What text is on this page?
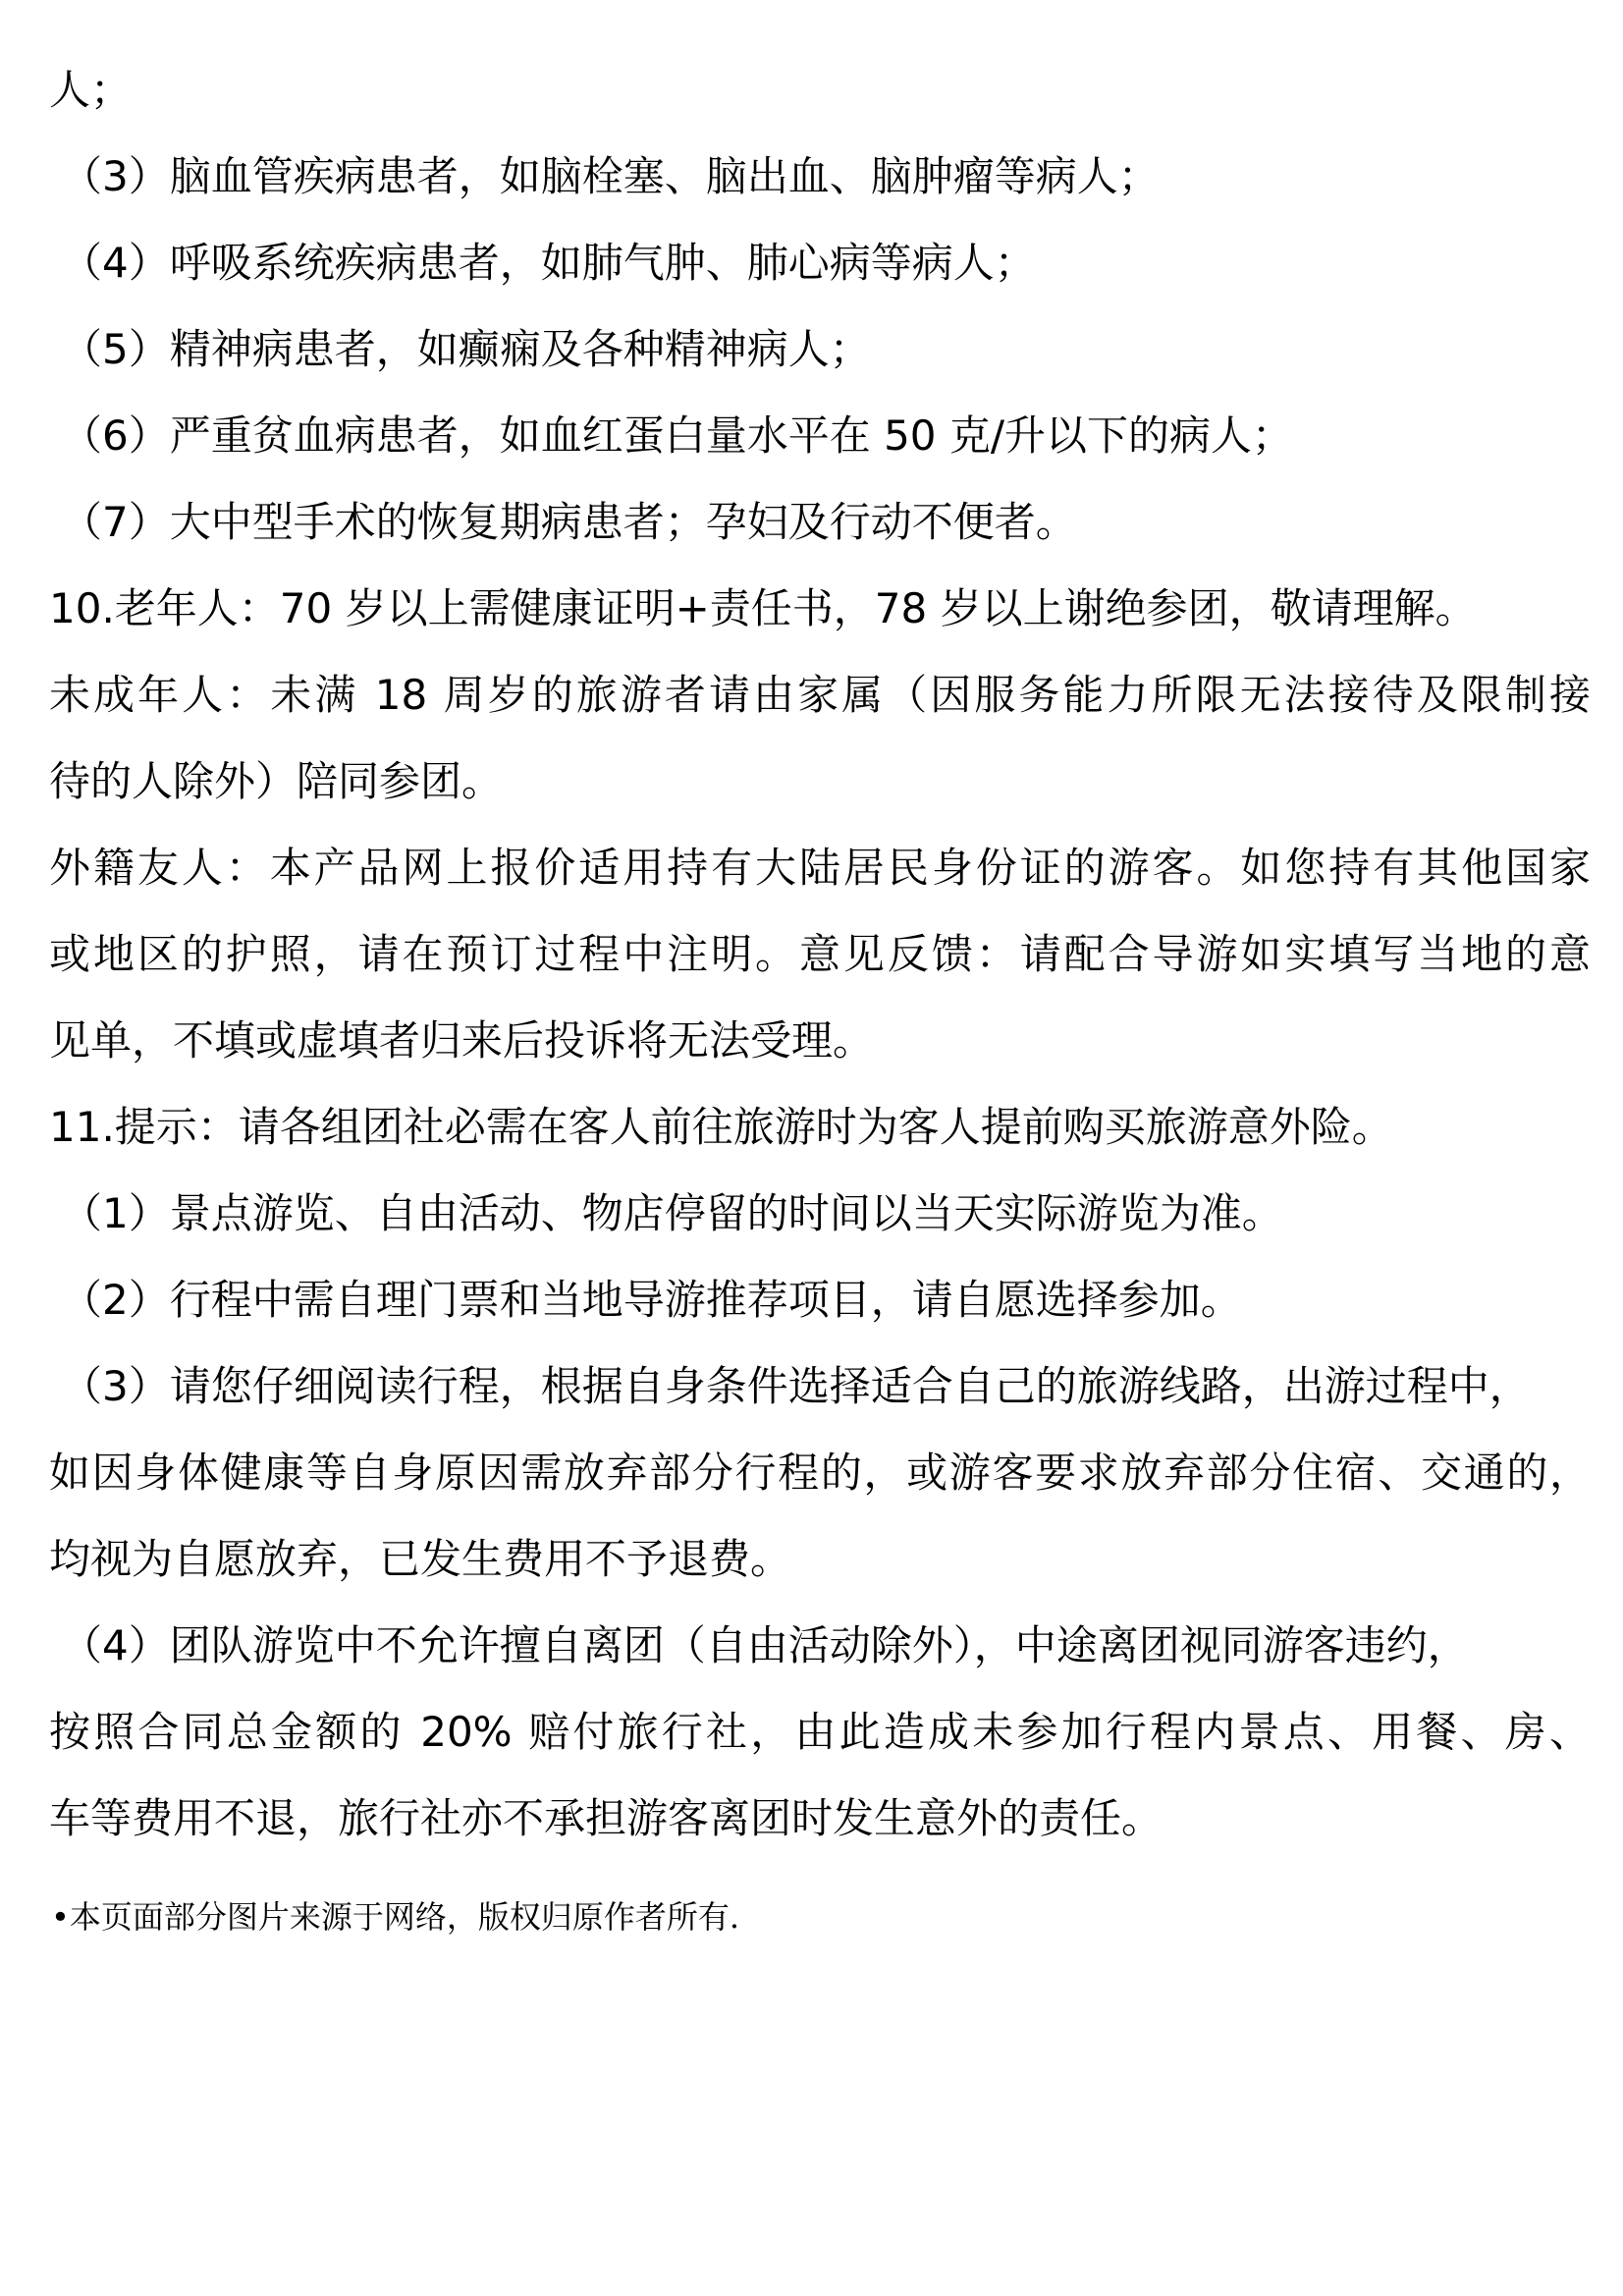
人；
（3）脑血管疾病患者，如脑栓塞、脑出血、脑肿瘤等病人；
（4）呼吸系统疾病患者，如肺气肿、肺心病等病人；
（5）精神病患者，如癫痫及各种精神病人；
（6）严重贫血病患者，如血红蛋白量水平在 50 克/升以下的病人；
（7）大中型手术的恢复期病患者；孕妇及行动不便者。
10.老年人：70 岁以上需健康证明+责任书，78 岁以上谢绝参团，敬请理解。
未成年人：未满 18 周岁的旅游者请由家属（因服务能力所限无法接待及限制接
待的人除外）陪同参团。
外籍友人：本产品网上报价适用持有大陆居民身份证的游客。如您持有其他国家
或地区的护照，请在预订过程中注明。意见反馈：请配合导游如实填写当地的意
见单，不填或虚填者归来后投诉将无法受理。
11.提示：请各组团社必需在客人前往旅游时为客人提前购买旅游意外险。
（1）景点游览、自由活动、物店停留的时间以当天实际游览为准。
（2）行程中需自理门票和当地导游推荐项目，请自愿选择参加。
（3）请您仔细阅读行程，根据自身条件选择适合自己的旅游线路，出游过程中，
如因身体健康等自身原因需放弃部分行程的，或游客要求放弃部分住宿、交通的，
均视为自愿放弃，已发生费用不予退费。
（4）团队游览中不允许擅自离团（自由活动除外），中途离团视同游客违约，
按照合同总金额的 20% 赔付旅行社，由此造成未参加行程内景点、用餐、房、
车等费用不退，旅行社亦不承担游客离团时发生意外的责任。
•本页面部分图片来源于网络，版权归原作者所有.
